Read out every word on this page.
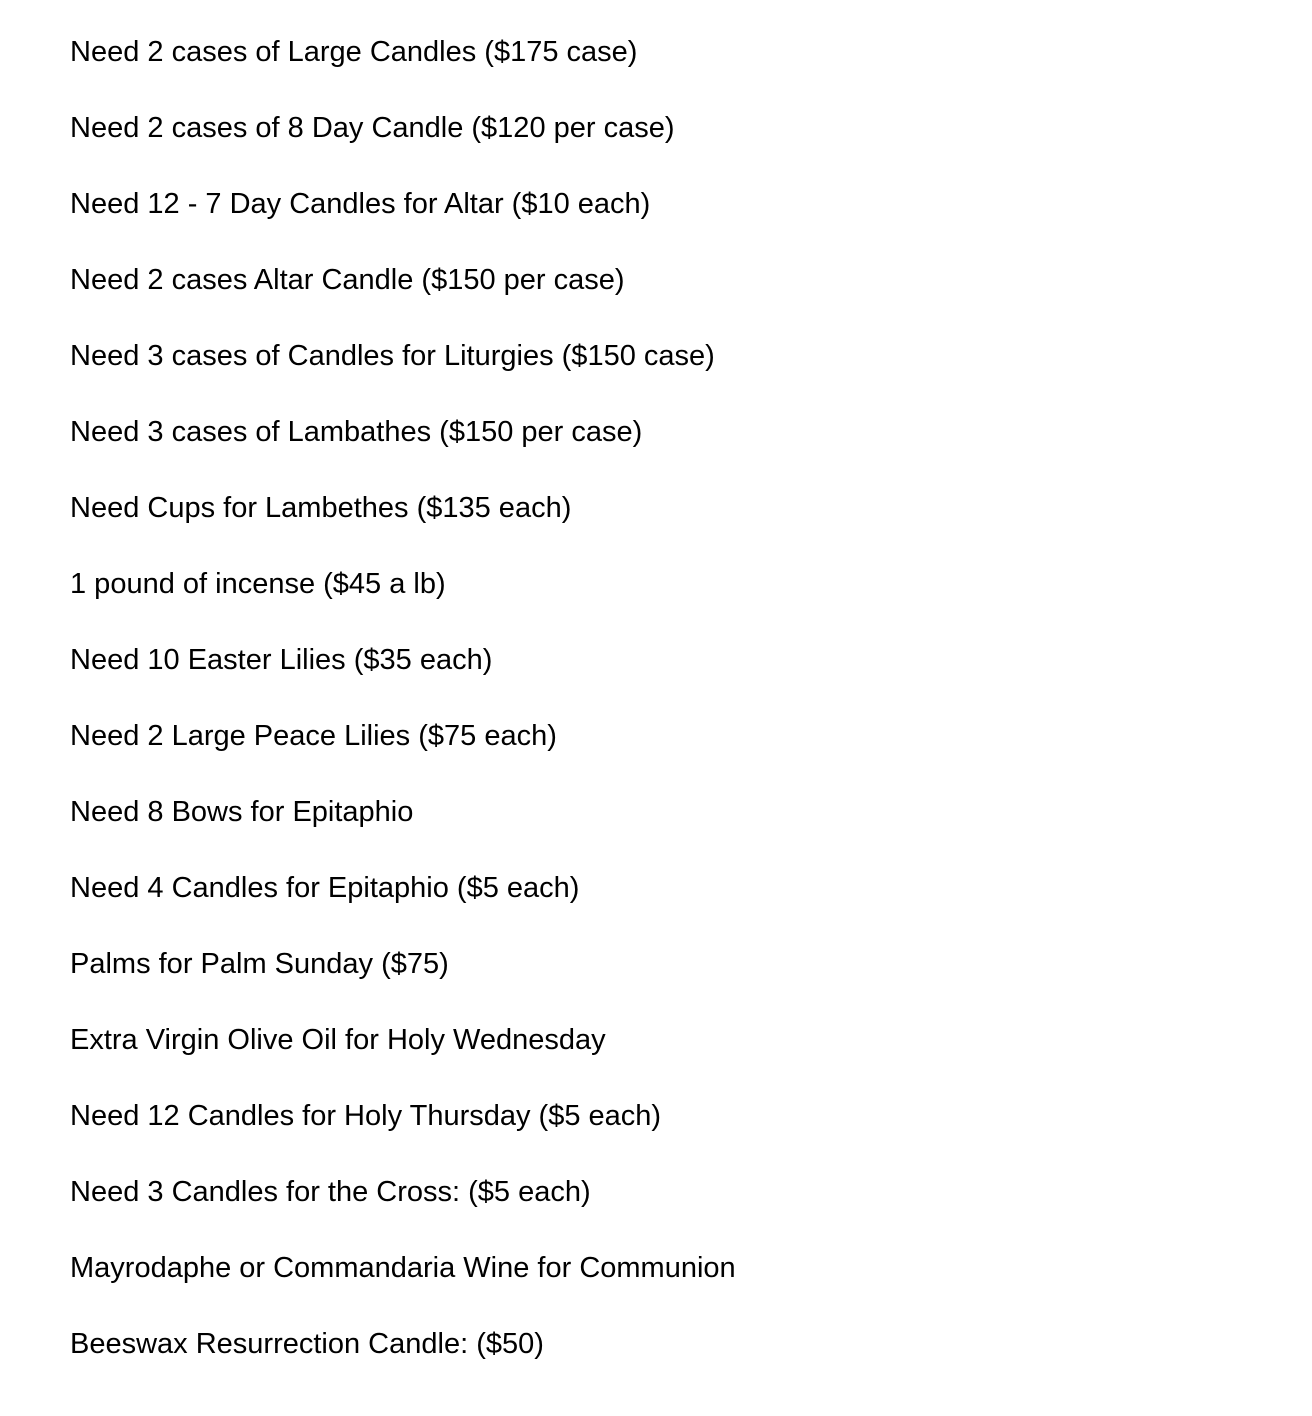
Need 2 cases of Large Candles ($175 case)
Need 2 cases of 8 Day Candle ($120 per case)
Need 12 - 7 Day Candles for Altar ($10 each)
Need 2 cases Altar Candle ($150 per case)
Need 3 cases of Candles for Liturgies ($150 case)
Need 3 cases of Lambathes ($150 per case)
Need Cups for Lambethes ($135 each)
1 pound of incense ($45 a lb)
Need 10 Easter Lilies ($35 each)
Need 2 Large Peace Lilies ($75 each)
Need 8 Bows for Epitaphio
Need 4 Candles for Epitaphio ($5 each)
Palms for Palm Sunday ($75)
Extra Virgin Olive Oil for Holy Wednesday
Need 12 Candles for Holy Thursday ($5 each)
Need 3 Candles for the Cross: ($5 each)
Mayrodaphe or Commandaria Wine for Communion
Beeswax Resurrection Candle: ($50)
